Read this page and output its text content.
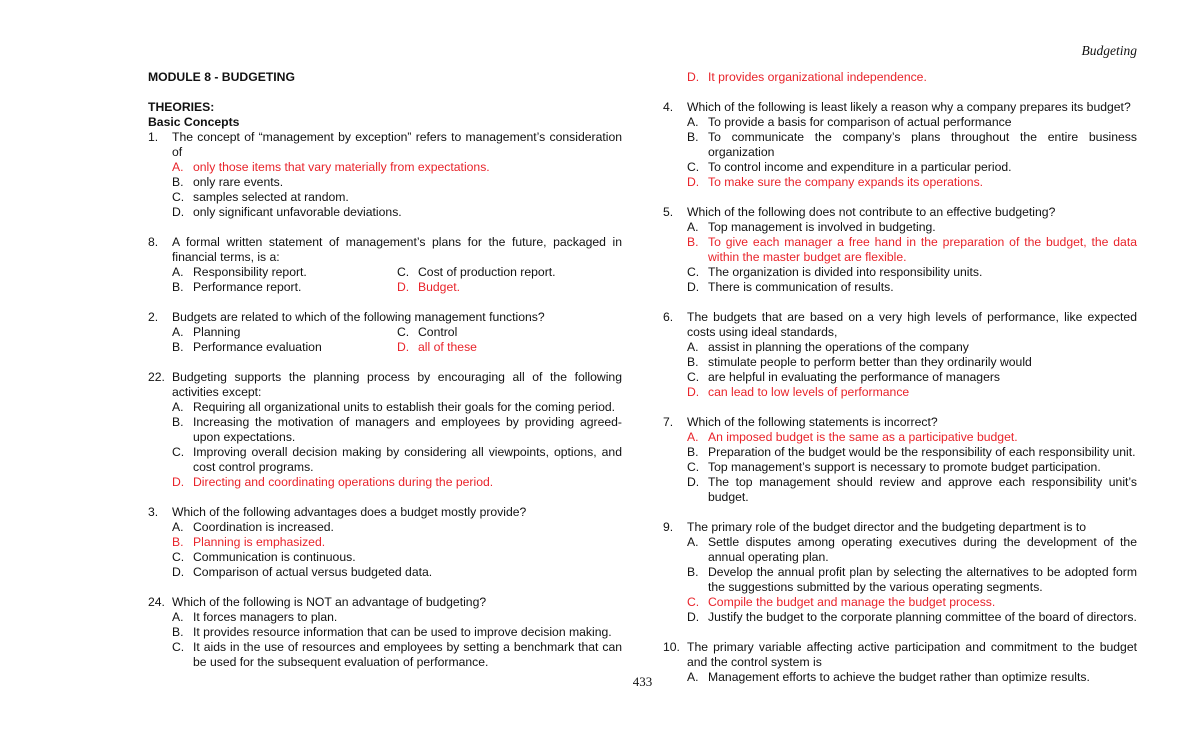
Budgeting
MODULE 8 - BUDGETING
THEORIES:
Basic Concepts
1.	The concept of “management by exception” refers to management’s consideration of
A. only those items that vary materially from expectations.
B. only rare events.
C. samples selected at random.
D. only significant unfavorable deviations.
8.	A formal written statement of management’s plans for the future, packaged in financial terms, is a:
A. Responsibility report.	C. Cost of production report.
B. Performance report.	D. Budget.
2.	Budgets are related to which of the following management functions?
A. Planning	C. Control
B. Performance evaluation	D. all of these
22. Budgeting supports the planning process by encouraging all of the following activities except:
A. Requiring all organizational units to establish their goals for the coming period.
B. Increasing the motivation of managers and employees by providing agreed-upon expectations.
C. Improving overall decision making by considering all viewpoints, options, and cost control programs.
D. Directing and coordinating operations during the period.
3.	Which of the following advantages does a budget mostly provide?
A. Coordination is increased.
B. Planning is emphasized.
C. Communication is continuous.
D. Comparison of actual versus budgeted data.
24. Which of the following is NOT an advantage of budgeting?
A. It forces managers to plan.
B. It provides resource information that can be used to improve decision making.
C. It aids in the use of resources and employees by setting a benchmark that can be used for the subsequent evaluation of performance.
D. It provides organizational independence.
4.	Which of the following is least likely a reason why a company prepares its budget?
A. To provide a basis for comparison of actual performance
B. To communicate the company’s plans throughout the entire business organization
C. To control income and expenditure in a particular period.
D. To make sure the company expands its operations.
5.	Which of the following does not contribute to an effective budgeting?
A. Top management is involved in budgeting.
B. To give each manager a free hand in the preparation of the budget, the data within the master budget are flexible.
C. The organization is divided into responsibility units.
D. There is communication of results.
6.	The budgets that are based on a very high levels of performance, like expected costs using ideal standards,
A. assist in planning the operations of the company
B. stimulate people to perform better than they ordinarily would
C. are helpful in evaluating the performance of managers
D. can lead to low levels of performance
7.	Which of the following statements is incorrect?
A. An imposed budget is the same as a participative budget.
B. Preparation of the budget would be the responsibility of each responsibility unit.
C. Top management’s support is necessary to promote budget participation.
D. The top management should review and approve each responsibility unit’s budget.
9.	The primary role of the budget director and the budgeting department is to
A. Settle disputes among operating executives during the development of the annual operating plan.
B. Develop the annual profit plan by selecting the alternatives to be adopted form the suggestions submitted by the various operating segments.
C. Compile the budget and manage the budget process.
D. Justify the budget to the corporate planning committee of the board of directors.
10. The primary variable affecting active participation and commitment to the budget and the control system is
A. Management efforts to achieve the budget rather than optimize results.
433
